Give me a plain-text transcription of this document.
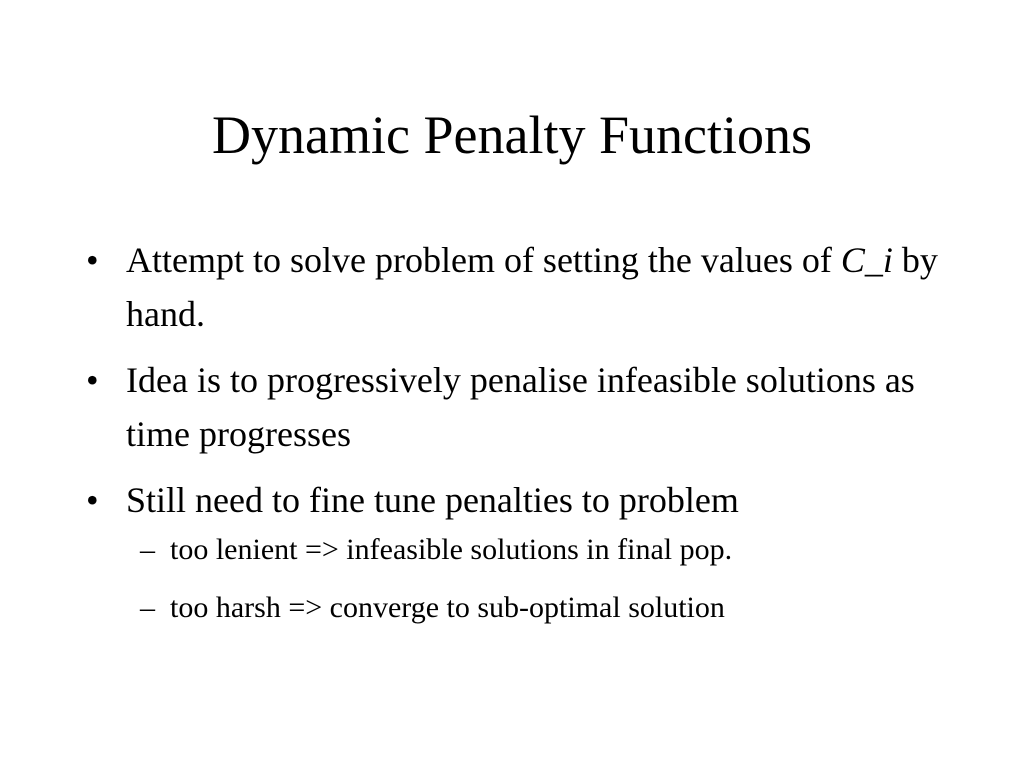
Dynamic Penalty Functions
• Attempt to solve problem of setting the values of C_i by hand.
• Idea is to progressively penalise infeasible solutions as time progresses
• Still need to fine tune penalties to problem
– too lenient => infeasible solutions in final pop.
– too harsh => converge to sub-optimal solution
